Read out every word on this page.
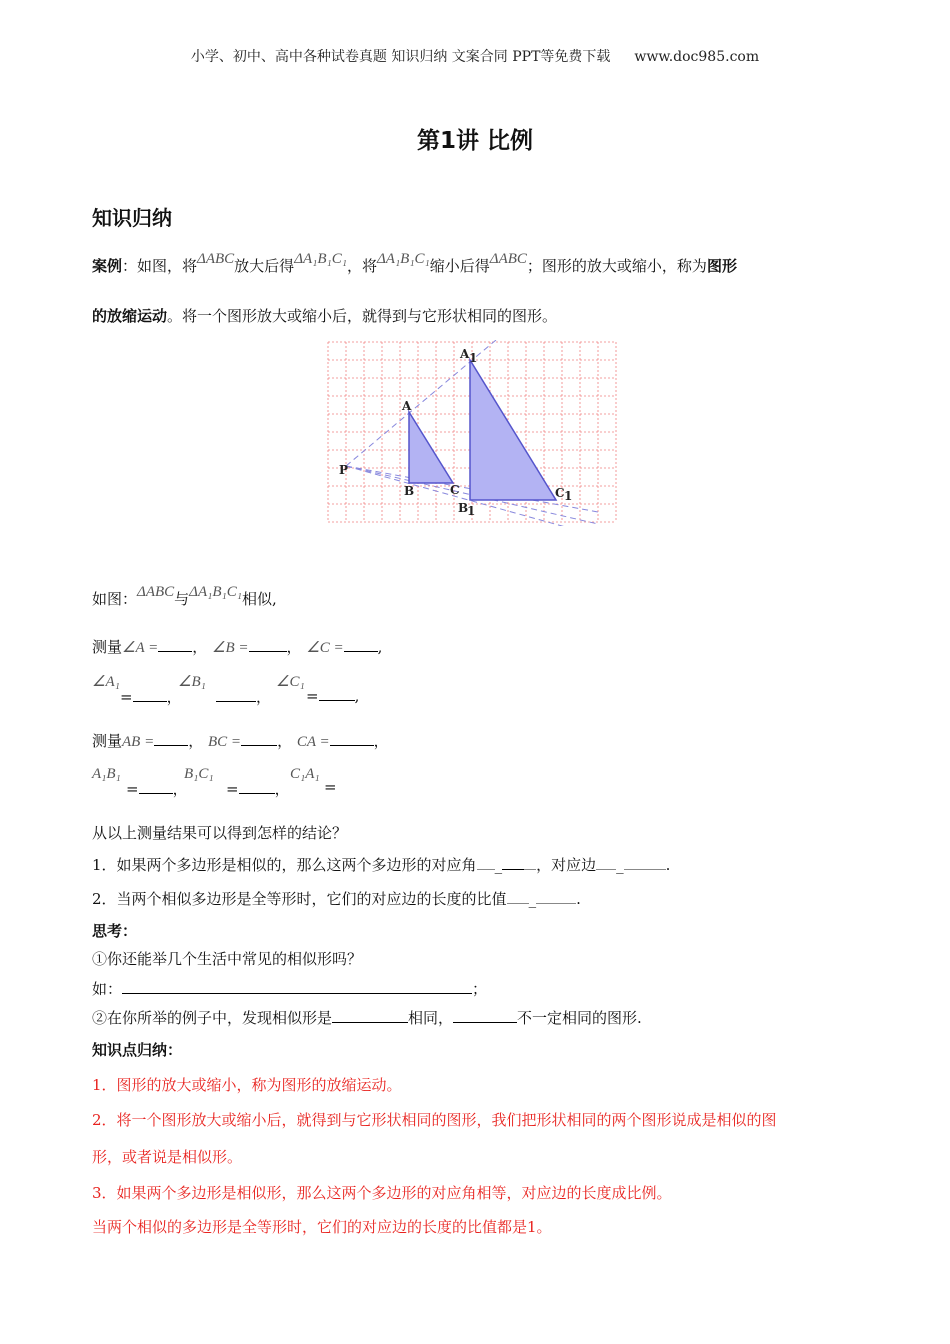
小学、初中、高中各种试卷真题 知识归纳 文案合同 PPT等免费下载 www.doc985.com
第1讲 比例
知识归纳
案例：如图，将ΔABC放大后得ΔA₁B₁C₁，将ΔA₁B₁C₁缩小后得ΔABC；图形的放大或缩小，称为图形
的放缩运动。将一个图形放大或缩小后，就得到与它形状相同的图形。
A 1
A
P
B	C
B
1
C 1
如图：ΔABC与ΔA₁B₁C₁相似,
测量∠A = ， ∠B =	， ∠C = ,
∠A₁
= ，
∠B₁
，
∠C₁
= ,
测量AB = ， BC = ， CA =	，
A₁B₁
= ，
B₁C₁
= ，
C₁A₁
=
从以上测量结果可以得到怎样的结论？
1．如果两个多边形是相似的，那么这两个多边形的对应角 _ ，对应边 _	.
2．当两个相似多边形是全等形时，它们的对应边的长度的比值 _	.
思考：
①你还能举几个生活中常见的相似形吗？
如：	；
②在你所举的例子中，发现相似形是	相同，	不一定相同的图形.
知识点归纳：
1．图形的放大或缩小，称为图形的放缩运动。
2．将一个图形放大或缩小后，就得到与它形状相同的图形，我们把形状相同的两个图形说成是相似的图
形，或者说是相似形。
3．如果两个多边形是相似形，那么这两个多边形的对应角相等，对应边的长度成比例。
当两个相似的多边形是全等形时，它们的对应边的长度的比值都是1。
